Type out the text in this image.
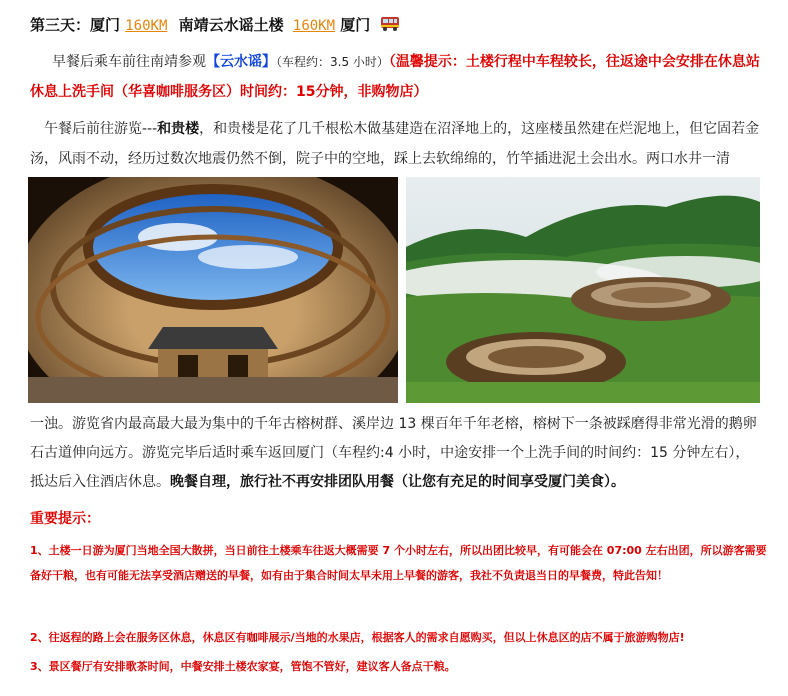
第三天：厦门 160KM 南靖云水谣土楼 160KM 厦门
早餐后乘车前往南靖参观【云水谣】（车程约：3.5 小时）（温馨提示：土楼行程中车程较长，往返途中会安排在休息站休息上洗手间（华喜咖啡服务区）时间约：15分钟，非购物店）
午餐后前往游览---和贵楼，和贵楼是花了几千根松木做基建造在沼泽地上的，这座楼虽然建在烂泥地上，但它固若金汤，风雨不动，经历过数次地震仍然不倒，院子中的空地，踩上去软绵绵的，竹竿插进泥土会出水。两口水井一清
一浊。游览省内最高最大最为集中的千年古榕树群、溪岸边 13 棵百年千年老榕，榕树下一条被踩磨得非常光滑的鹅卵石古道伸向远方。游览完毕后适时乘车返回厦门（车程约:4 小时，中途安排一个上洗手间的时间约：15 分钟左右），抵达后入住酒店休息。晚餐自理，旅行社不再安排团队用餐（让您有充足的时间享受厦门美食）。
重要提示：
1、土楼一日游为厦门当地全国大散拼，当日前往土楼乘车往返大概需要 7 个小时左右，所以出团比较早，有可能会在 07:00 左右出团，所以游客需要备好干粮，也有可能无法享受酒店赠送的早餐，如有由于集合时间太早未用上早餐的游客，我社不负责退当日的早餐费，特此告知！
2、往返程的路上会在服务区休息，休息区有咖啡展示/当地的水果店，根据客人的需求自愿购买，但以上休息区的店不属于旅游购物店!
3、景区餐厅有安排歌茶时间，中餐安排土楼农家宴，管饱不管好，建议客人备点干粮。
